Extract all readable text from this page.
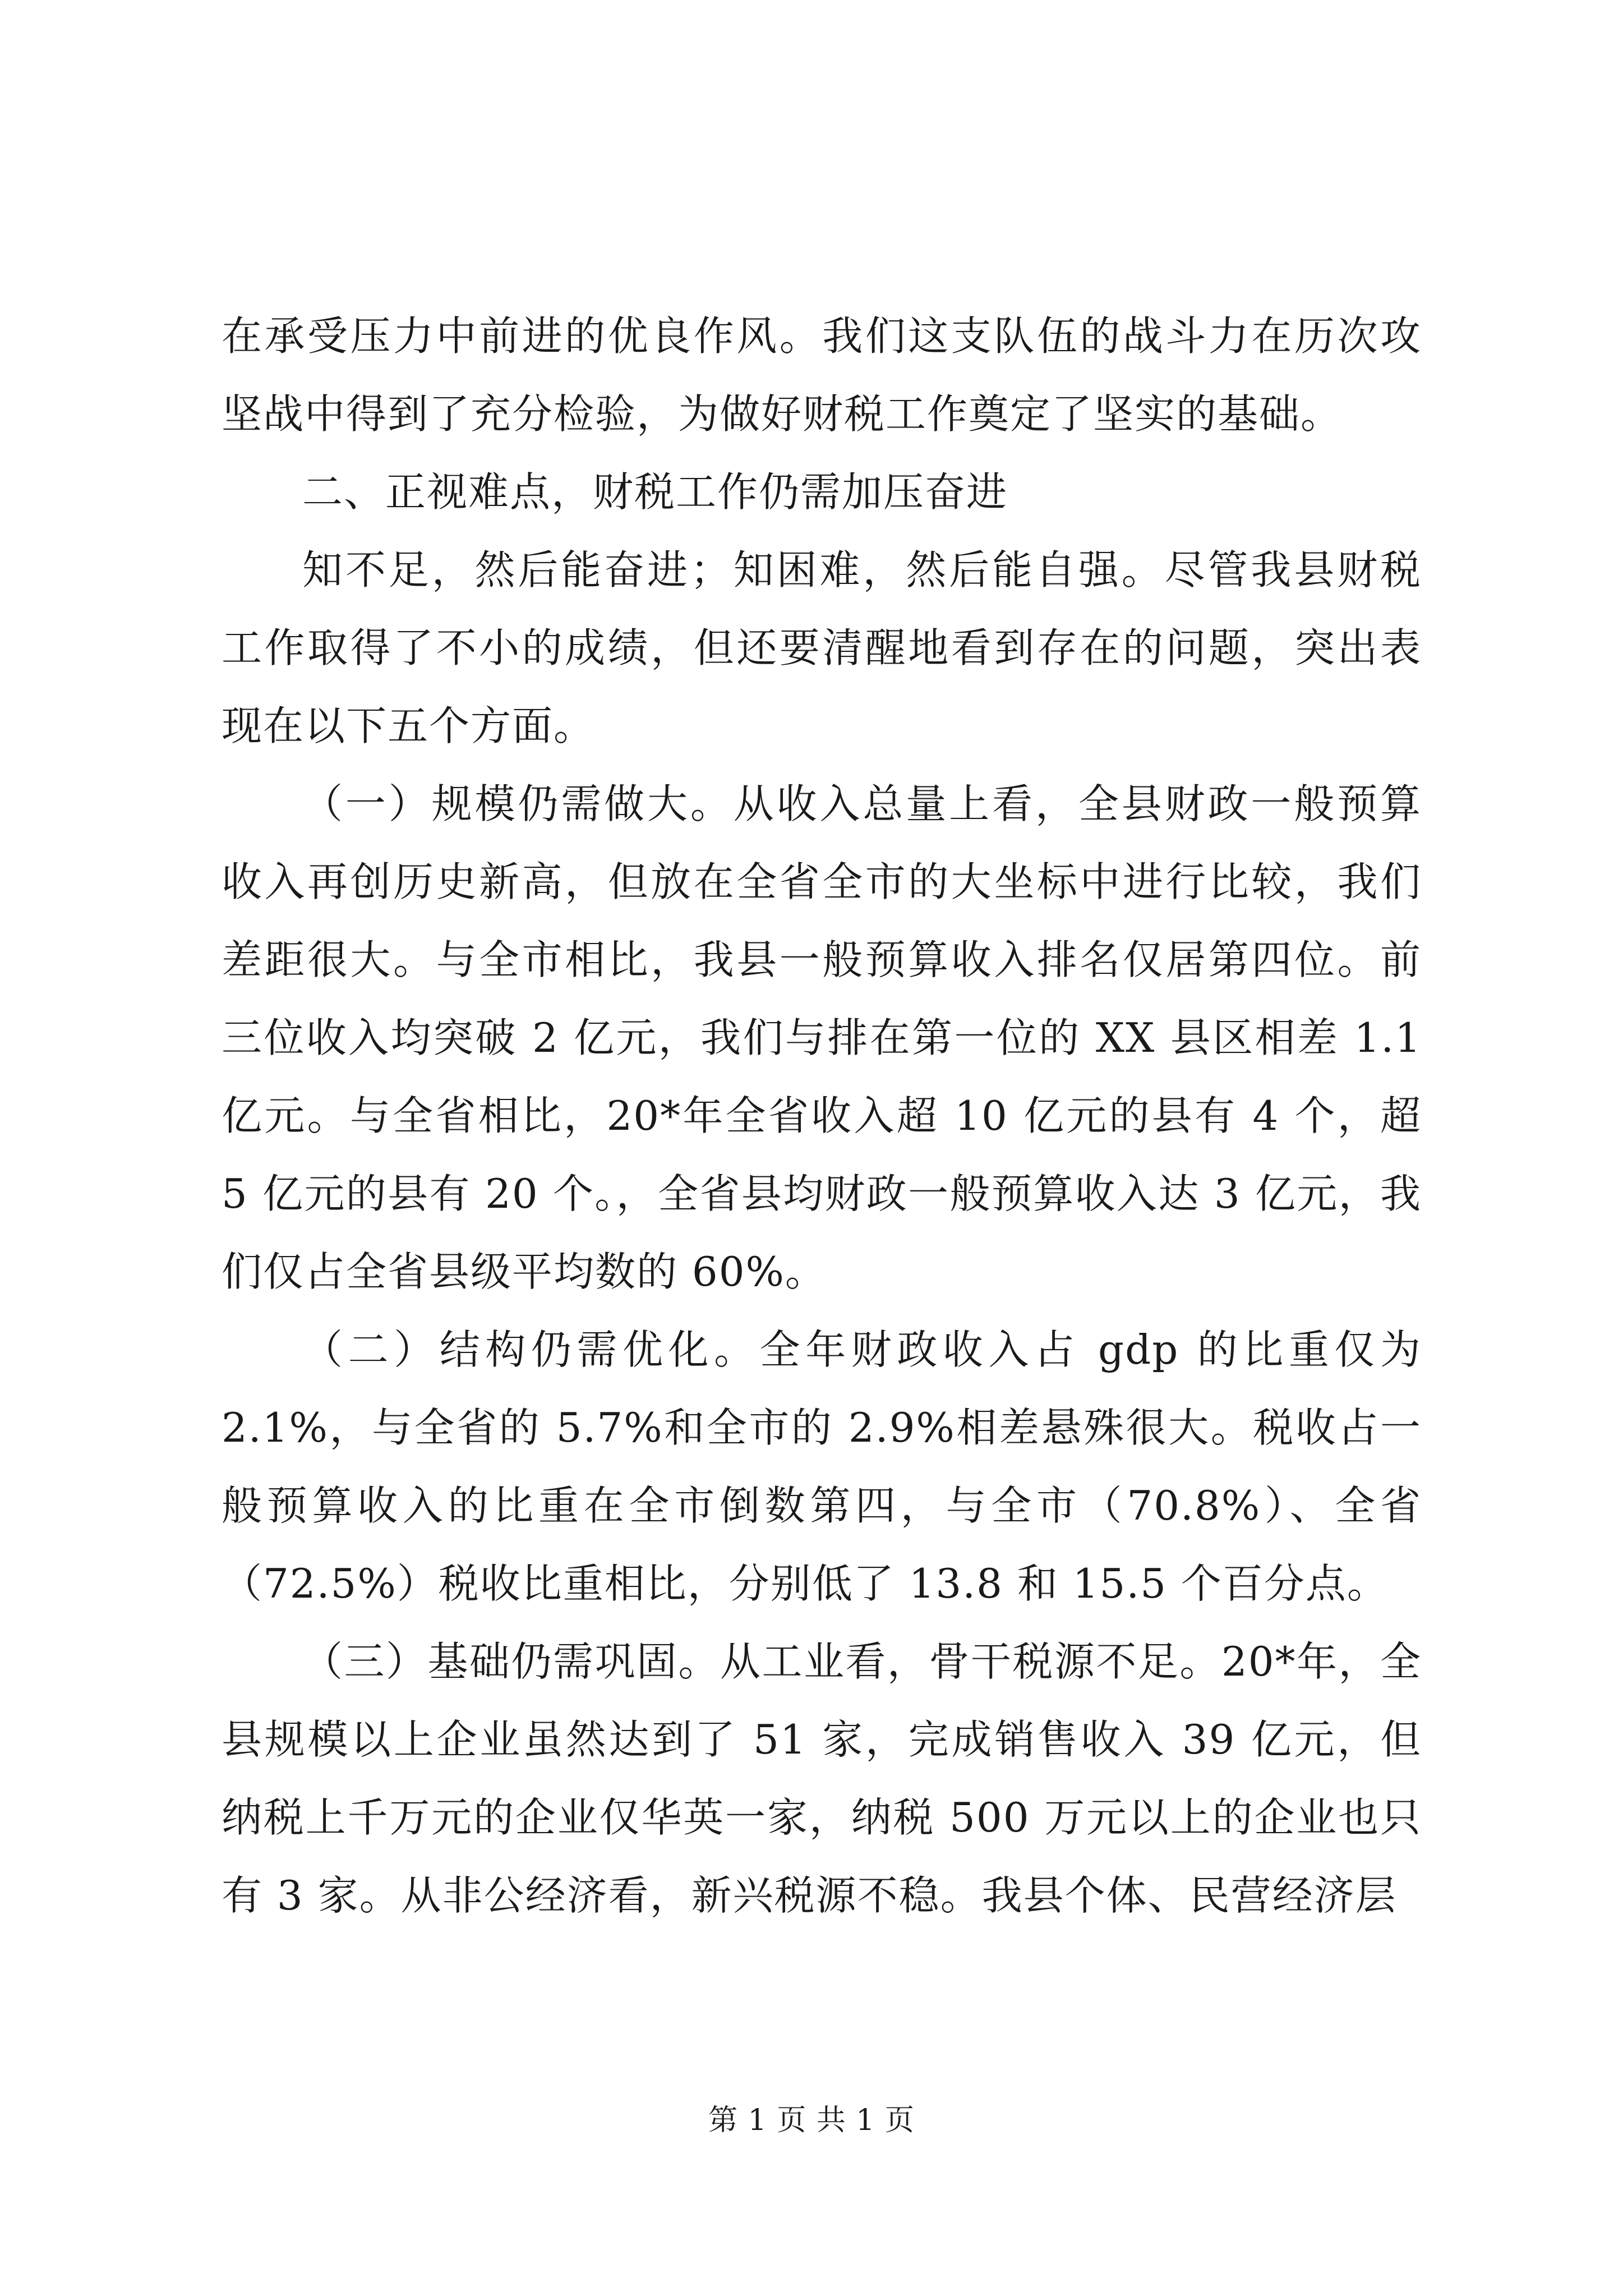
在承受压力中前进的优良作风。我们这支队伍的战斗力在历次攻坚战中得到了充分检验，为做好财税工作奠定了坚实的基础。

二、正视难点，财税工作仍需加压奋进

知不足，然后能奋进；知困难，然后能自强。尽管我县财税工作取得了不小的成绩，但还要清醒地看到存在的问题，突出表现在以下五个方面。

（一）规模仍需做大。从收入总量上看，全县财政一般预算收入再创历史新高，但放在全省全市的大坐标中进行比较，我们差距很大。与全市相比，我县一般预算收入排名仅居第四位。前三位收入均突破 2 亿元，我们与排在第一位的 XX 县区相差 1.1 亿元。与全省相比，20*年全省收入超 10 亿元的县有 4 个，超 5 亿元的县有 20 个。，全省县均财政一般预算收入达 3 亿元，我们仅占全省县级平均数的 60%。

（二）结构仍需优化。全年财政收入占 gdp 的比重仅为 2.1%，与全省的 5.7%和全市的 2.9%相差悬殊很大。税收占一般预算收入的比重在全市倒数第四，与全市（70.8%）、全省（72.5%）税收比重相比，分别低了 13.8 和 15.5 个百分点。

（三）基础仍需巩固。从工业看，骨干税源不足。20*年，全县规模以上企业虽然达到了 51 家，完成销售收入 39 亿元，但纳税上千万元的企业仅华英一家，纳税 500 万元以上的企业也只有 3 家。从非公经济看，新兴税源不稳。我县个体、民营经济层

第 1 页 共 1 页
